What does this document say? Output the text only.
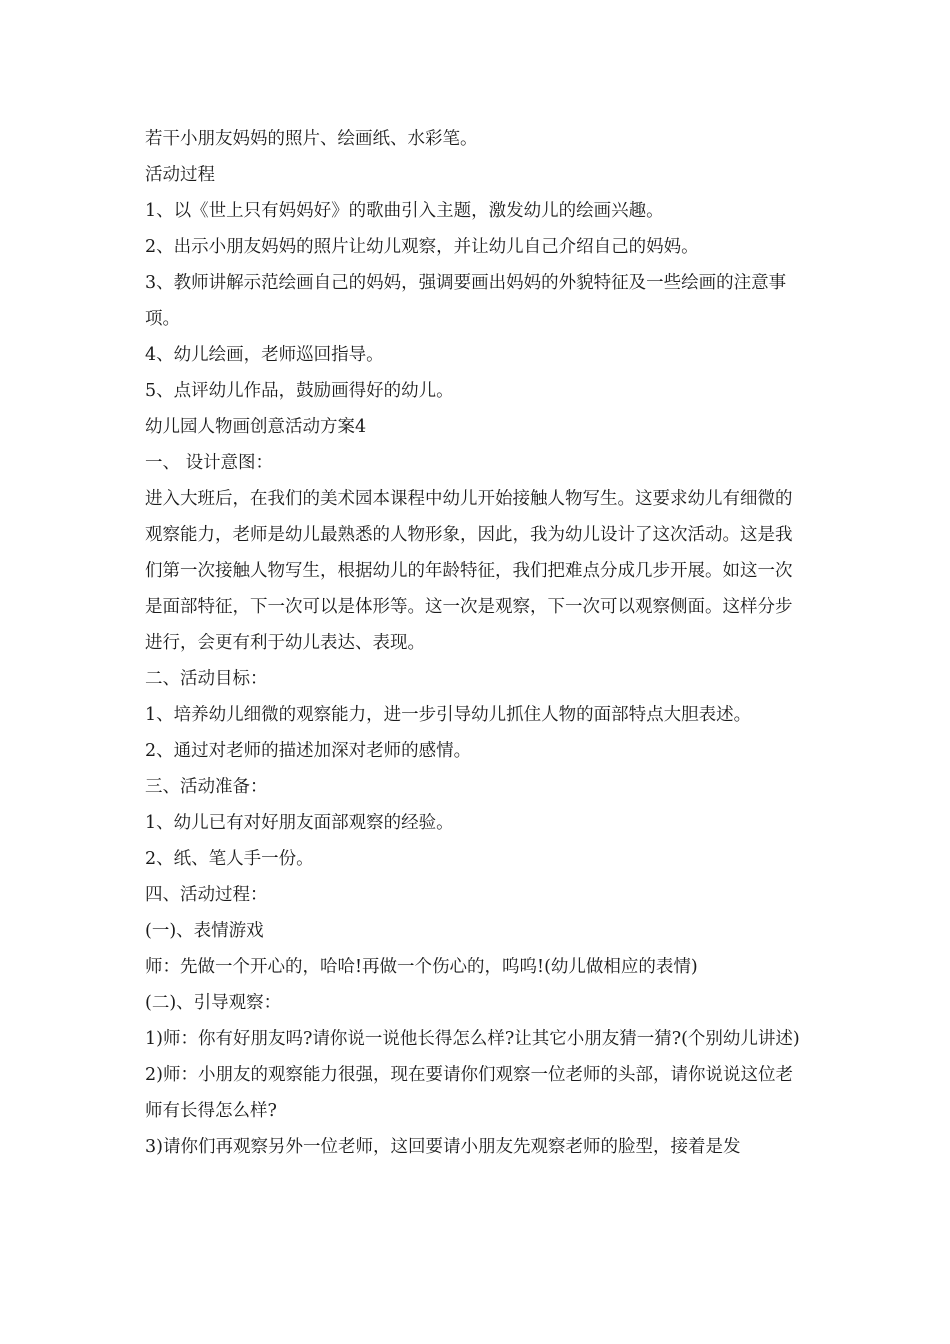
若干小朋友妈妈的照片、绘画纸、水彩笔。

活动过程

1、以《世上只有妈妈好》的歌曲引入主题，激发幼儿的绘画兴趣。

2、出示小朋友妈妈的照片让幼儿观察，并让幼儿自己介绍自己的妈妈。

3、教师讲解示范绘画自己的妈妈，强调要画出妈妈的外貌特征及一些绘画的注意事项。

4、幼儿绘画，老师巡回指导。

5、点评幼儿作品，鼓励画得好的幼儿。

幼儿园人物画创意活动方案4

一、 设计意图：

进入大班后，在我们的美术园本课程中幼儿开始接触人物写生。这要求幼儿有细微的观察能力，老师是幼儿最熟悉的人物形象，因此，我为幼儿设计了这次活动。这是我们第一次接触人物写生，根据幼儿的年龄特征，我们把难点分成几步开展。如这一次是面部特征，下一次可以是体形等。这一次是观察，下一次可以观察侧面。这样分步进行，会更有利于幼儿表达、表现。

二、活动目标：

1、培养幼儿细微的观察能力，进一步引导幼儿抓住人物的面部特点大胆表述。

2、通过对老师的描述加深对老师的感情。

三、活动准备：

1、幼儿已有对好朋友面部观察的经验。

2、纸、笔人手一份。

四、活动过程：

(一)、表情游戏

师：先做一个开心的，哈哈!再做一个伤心的，呜呜!(幼儿做相应的表情)

(二)、引导观察：

1)师：你有好朋友吗?请你说一说他长得怎么样?让其它小朋友猜一猜?(个别幼儿讲述)

2)师：小朋友的观察能力很强，现在要请你们观察一位老师的头部，请你说说这位老师有长得怎么样?

3)请你们再观察另外一位老师，这回要请小朋友先观察老师的脸型，接着是发
